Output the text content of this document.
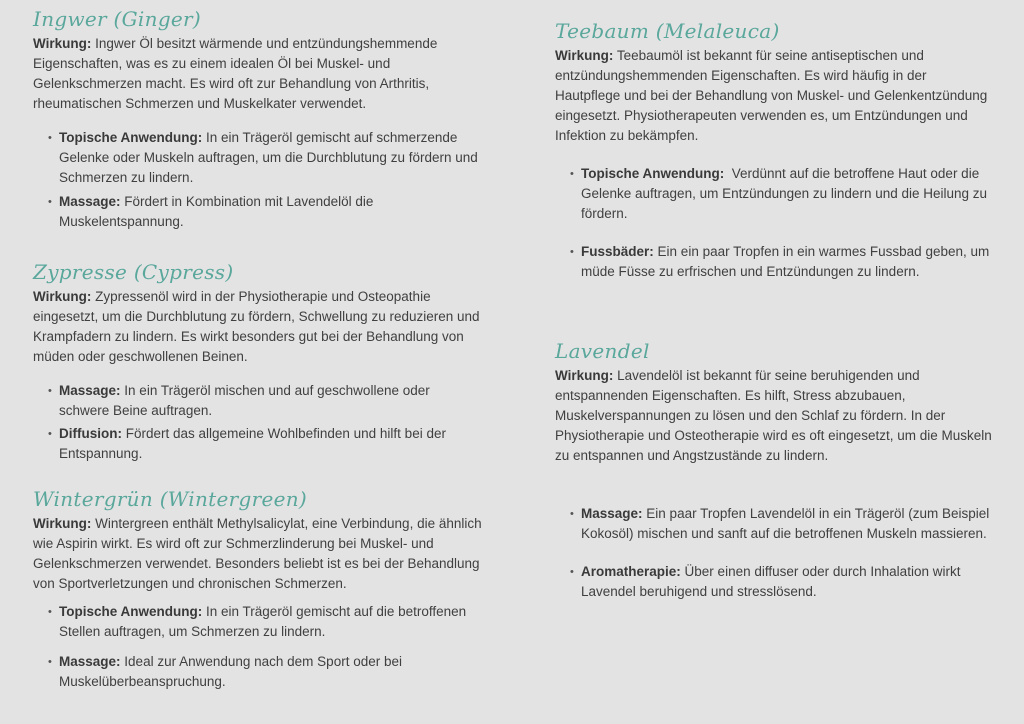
Ingwer (Ginger)

Wirkung: Ingwer Öl besitzt wärmende und entzündungshemmende Eigenschaften, was es zu einem idealen Öl bei Muskel- und Gelenkschmerzen macht. Es wird oft zur Behandlung von Arthritis, rheumatischen Schmerzen und Muskelkater verwendet.

• Topische Anwendung: In ein Trägeröl gemischt auf schmerzende Gelenke oder Muskeln auftragen, um die Durchblutung zu fördern und Schmerzen zu lindern.
• Massage: Fördert in Kombination mit Lavendelöl die Muskelentspannung.
Zypresse (Cypress)

Wirkung: Zypressenöl wird in der Physiotherapie und Osteopathie eingesetzt, um die Durchblutung zu fördern, Schwellung zu reduzieren und Krampfadern zu lindern. Es wirkt besonders gut bei der Behandlung von müden oder geschwollenen Beinen.

• Massage: In ein Trägeröl mischen und auf geschwollene oder schwere Beine auftragen.
• Diffusion: Fördert das allgemeine Wohlbefinden und hilft bei der Entspannung.
Wintergrün (Wintergreen)

Wirkung: Wintergreen enthält Methylsalicylat, eine Verbindung, die ähnlich wie Aspirin wirkt. Es wird oft zur Schmerzlinderung bei Muskel- und Gelenkschmerzen verwendet. Besonders beliebt ist es bei der Behandlung von Sportverletzungen und chronischen Schmerzen.

• Topische Anwendung: In ein Trägeröl gemischt auf die betroffenen Stellen auftragen, um Schmerzen zu lindern.
• Massage: Ideal zur Anwendung nach dem Sport oder bei Muskelüberbeanspruchung.
Teebaum (Melaleuca)

Wirkung: Teebaumöl ist bekannt für seine antiseptischen und entzündungshemmenden Eigenschaften. Es wird häufig in der Hautpflege und bei der Behandlung von Muskel- und Gelenkentzündung eingesetzt. Physiotherapeuten verwenden es, um Entzündungen und Infektion zu bekämpfen.

• Topische Anwendung: Verdünnt auf die betroffene Haut oder die Gelenke auftragen, um Entzündungen zu lindern und die Heilung zu fördern.
• Fussbäder: Ein ein paar Tropfen in ein warmes Fussbad geben, um müde Füsse zu erfrischen und Entzündungen zu lindern.
Lavendel

Wirkung: Lavendelöl ist bekannt für seine beruhigenden und entspannenden Eigenschaften. Es hilft, Stress abzubauen, Muskelverspannungen zu lösen und den Schlaf zu fördern. In der Physiotherapie und Osteotherapie wird es oft eingesetzt, um die Muskeln zu entspannen und Angstzustände zu lindern.

• Massage: Ein paar Tropfen Lavendelöl in ein Trägeröl (zum Beispiel Kokosöl) mischen und sanft auf die betroffenen Muskeln massieren.
• Aromatherapie: Über einen diffuser oder durch Inhalation wirkt Lavendel beruhigend und stresslösend.
